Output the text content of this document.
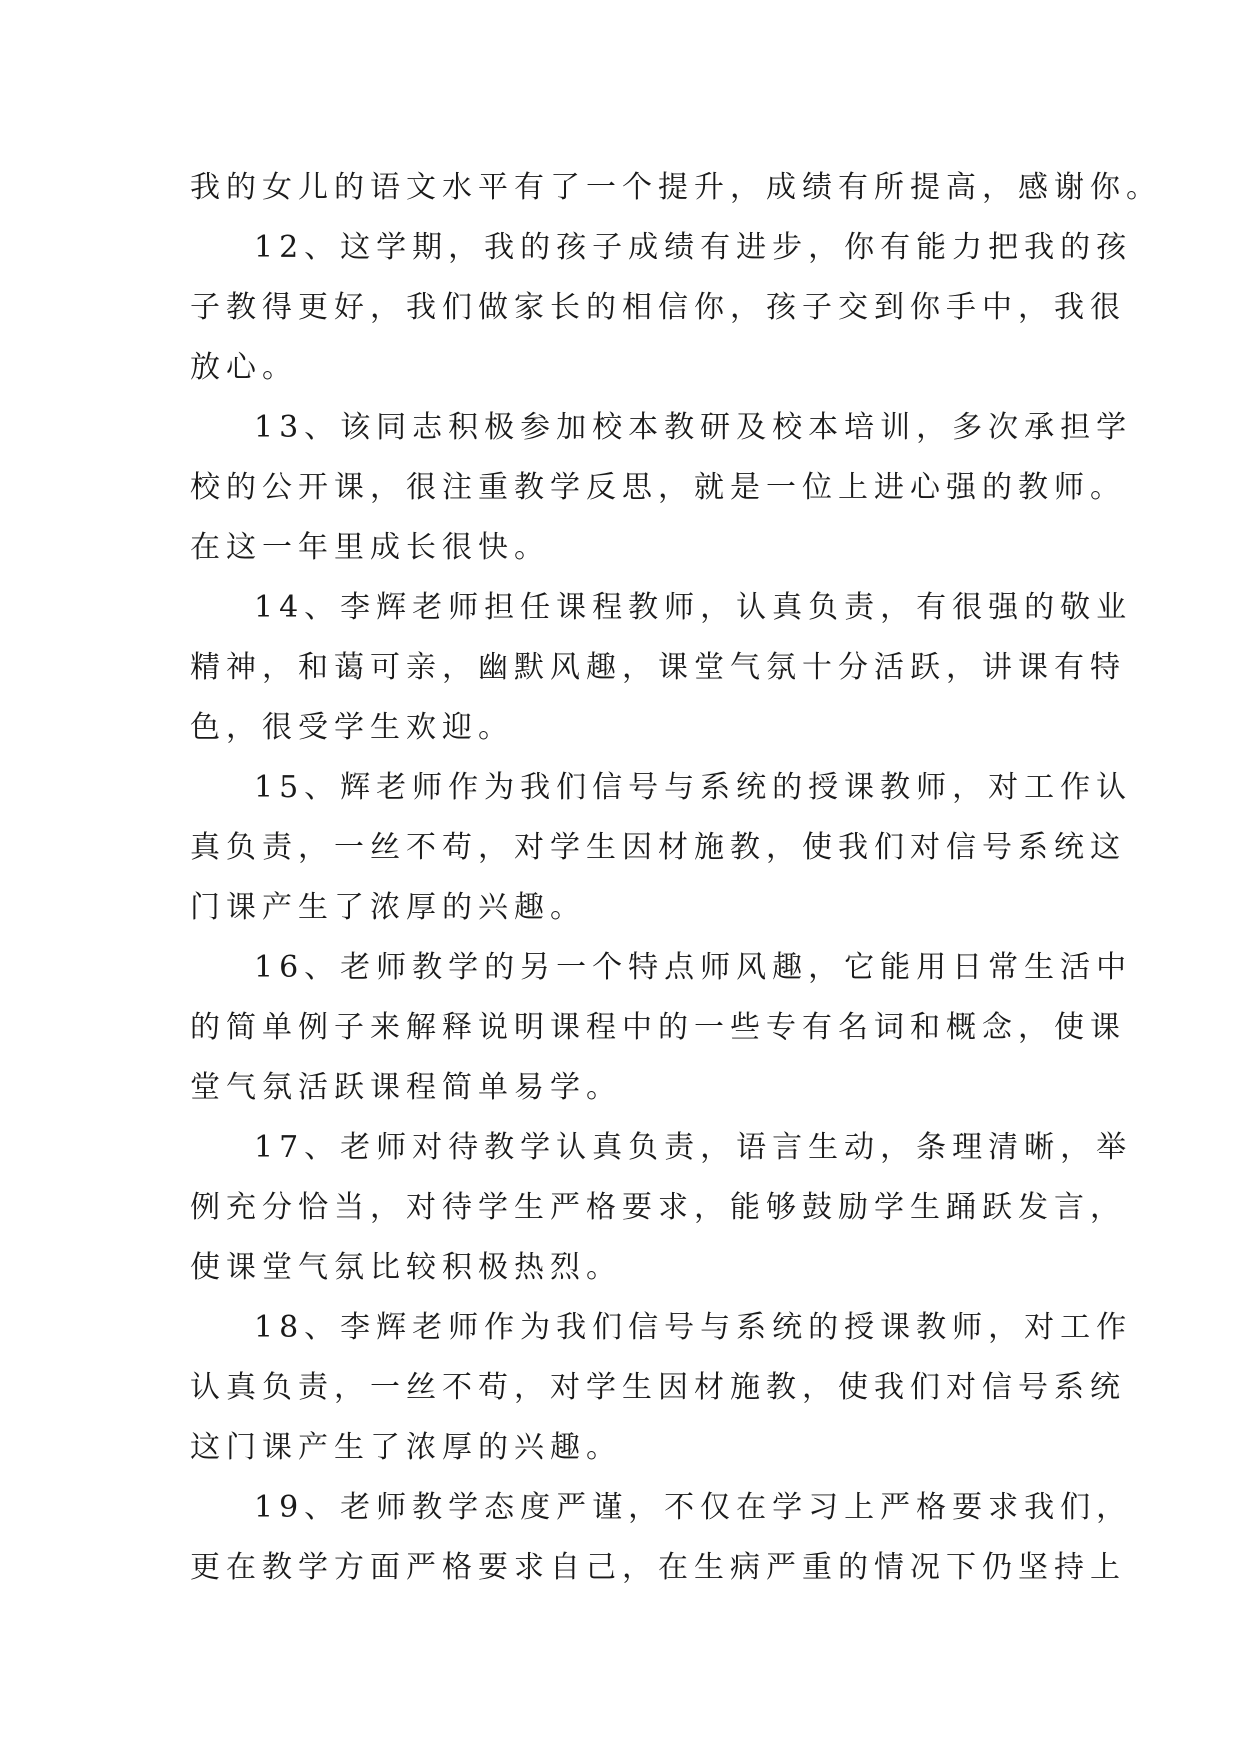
我的女儿的语文水平有了一个提升，成绩有所提高，感谢你。
12、这学期，我的孩子成绩有进步，你有能力把我的孩
子教得更好，我们做家长的相信你，孩子交到你手中，我很
放心。
13、该同志积极参加校本教研及校本培训，多次承担学
校的公开课，很注重教学反思，就是一位上进心强的教师。
在这一年里成长很快。
14、李辉老师担任课程教师，认真负责，有很强的敬业
精神，和蔼可亲，幽默风趣，课堂气氛十分活跃，讲课有特
色，很受学生欢迎。
15、辉老师作为我们信号与系统的授课教师，对工作认
真负责，一丝不苟，对学生因材施教，使我们对信号系统这
门课产生了浓厚的兴趣。
16、老师教学的另一个特点师风趣，它能用日常生活中
的简单例子来解释说明课程中的一些专有名词和概念，使课
堂气氛活跃课程简单易学。
17、老师对待教学认真负责，语言生动，条理清晰，举
例充分恰当，对待学生严格要求，能够鼓励学生踊跃发言，
使课堂气氛比较积极热烈。
18、李辉老师作为我们信号与系统的授课教师，对工作
认真负责，一丝不苟，对学生因材施教，使我们对信号系统
这门课产生了浓厚的兴趣。
19、老师教学态度严谨，不仅在学习上严格要求我们，
更在教学方面严格要求自己，在生病严重的情况下仍坚持上
